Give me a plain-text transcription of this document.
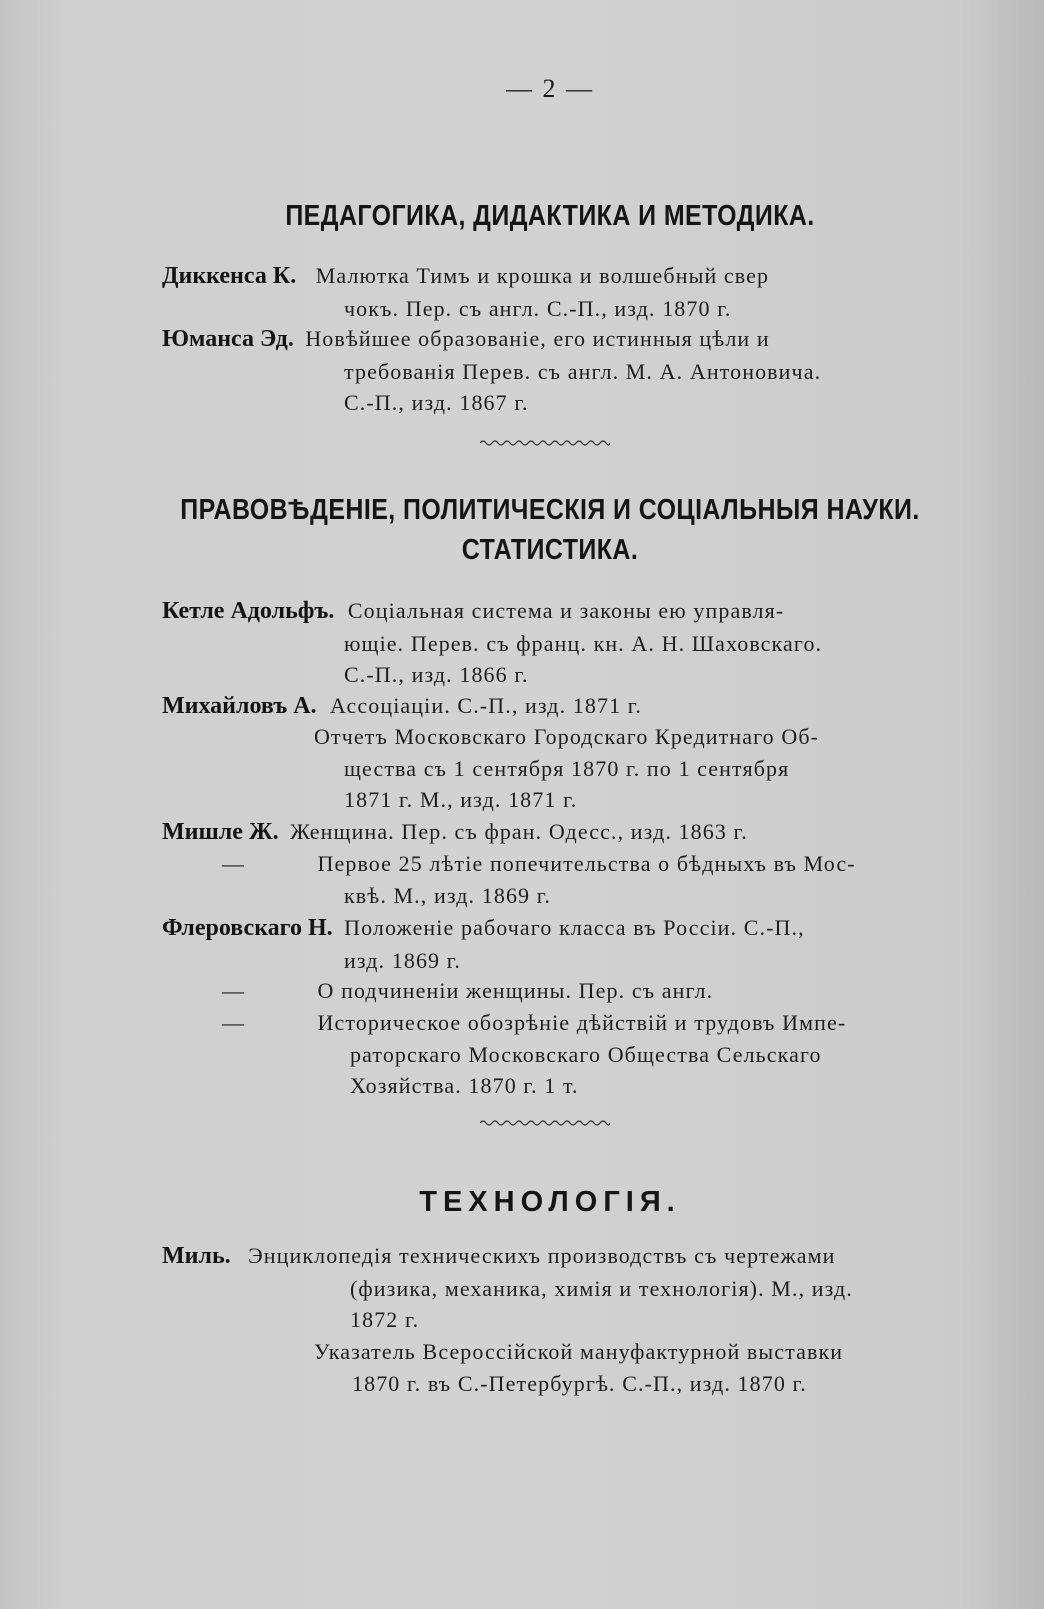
— 2 —
ПЕДАГОГИКА, ДИДАКТИКА И МЕТОДИКА.
Диккенса К. Малютка Тимъ и крошка и волшебный свер
чокъ. Пер. съ англ. С.-П., изд. 1870 г.
Юманса Эд. Новѣйшее образованiе, его истинныя цѣли и
требованiя Перев. съ англ. М. А. Антоновича.
С.-П., изд. 1867 г.
ПРАВОВѢДЕНIЕ, ПОЛИТИЧЕСКIЯ И СОЦIАЛЬНЫЯ НАУКИ.
СТАТИСТИКА.
Кетле Адольфъ. Соцiальная система и законы ею управля-
ющiе. Перев. съ франц. кн. А. Н. Шаховскаго.
С.-П., изд. 1866 г.
Михайловъ А. Ассоцiацiи. С.-П., изд. 1871 г.
Отчетъ Московскаго Городскаго Кредитнаго Об-
щества съ 1 сентября 1870 г. по 1 сентября
1871 г. М., изд. 1871 г.
Мишле Ж. Женщина. Пер. съ фран. Одесс., изд. 1863 г.
—	Первое 25 лѣтiе попечительства о бѣдныхъ въ Мос-
квѣ. М., изд. 1869 г.
Флеровскаго Н. Положенiе рабочаго класса въ Россiи. С.-П.,
изд. 1869 г.
—	О подчиненiи женщины. Пер. съ англ.
—	Историческое обозрѣнiе дѣйствiй и трудовъ Импе-
раторскаго Московскаго Общества Сельскаго
Хозяйства. 1870 г. 1 т.
ТЕХНОЛОГIЯ.
Миль. Энциклопедiя техническихъ производствъ съ чертежами
(физика, механика, химiя и технологiя). М., изд.
1872 г.
Указатель Всероссiйской мануфактурной выставки
1870 г. въ С.-Петербургѣ. С.-П., изд. 1870 г.
